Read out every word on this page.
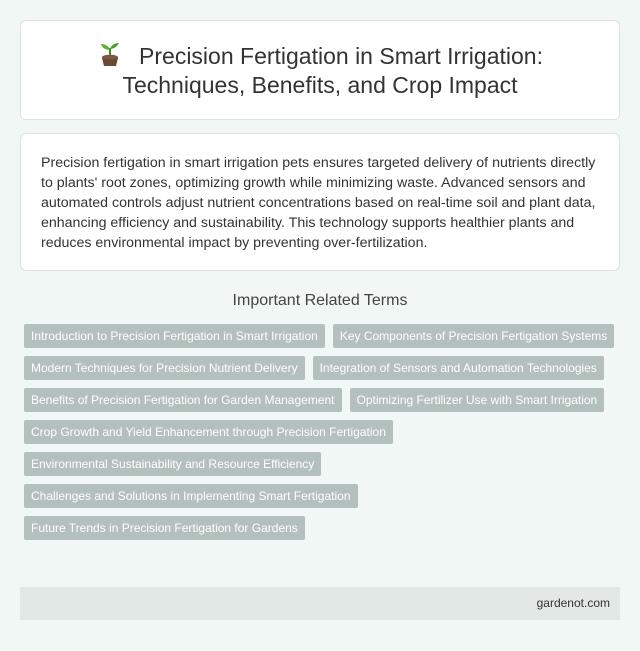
Precision Fertigation in Smart Irrigation: Techniques, Benefits, and Crop Impact

Precision fertigation in smart irrigation pets ensures targeted delivery of nutrients directly to plants' root zones, optimizing growth while minimizing waste. Advanced sensors and automated controls adjust nutrient concentrations based on real-time soil and plant data, enhancing efficiency and sustainability. This technology supports healthier plants and reduces environmental impact by preventing over-fertilization.

Important Related Terms
Introduction to Precision Fertigation in Smart Irrigation	Key Components of Precision Fertigation Systems
Modern Techniques for Precision Nutrient Delivery	Integration of Sensors and Automation Technologies
Benefits of Precision Fertigation for Garden Management	Optimizing Fertilizer Use with Smart Irrigation
Crop Growth and Yield Enhancement through Precision Fertigation
Environmental Sustainability and Resource Efficiency
Challenges and Solutions in Implementing Smart Fertigation
Future Trends in Precision Fertigation for Gardens
gardenot.com
